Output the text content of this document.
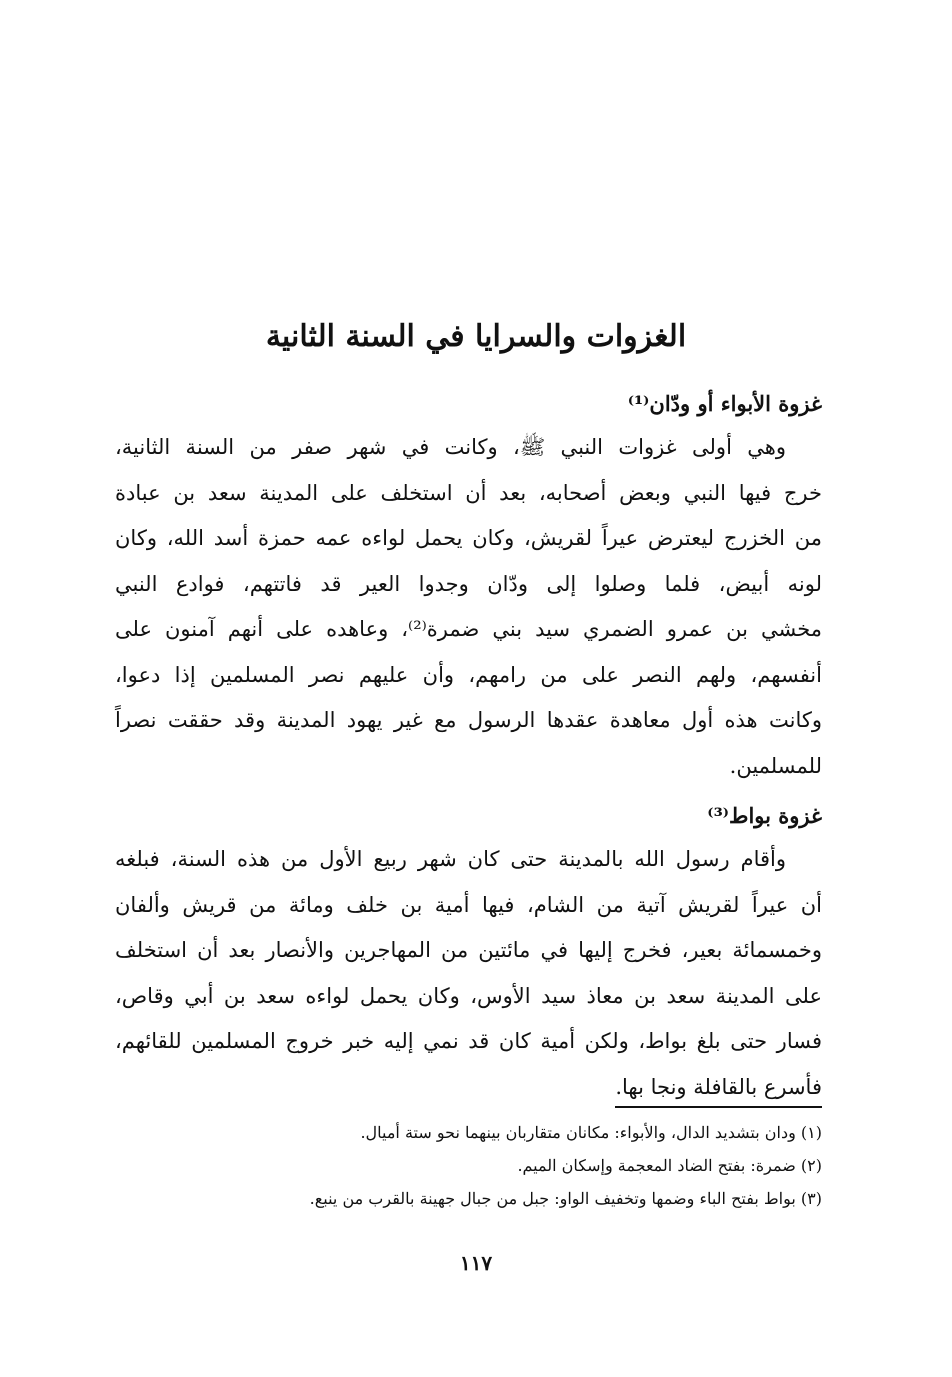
الغزوات والسرايا في السنة الثانية

غزوة الأبواء أو ودّان⁽¹⁾

وهي أولى غزوات النبي ﷺ، وكانت في شهر صفر من السنة الثانية،
خرج فيها النبي وبعض أصحابه، بعد أن استخلف على المدينة سعد بن عبادة
من الخزرج ليعترض عيراً لقريش، وكان يحمل لواءه عمه حمزة أسد الله، وكان
لونه أبيض، فلما وصلوا إلى ودّان وجدوا العير قد فاتتهم، فوادع النبي
مخشي بن عمرو الضمري سيد بني ضمرة⁽²⁾، وعاهده على أنهم آمنون على
أنفسهم، ولهم النصر على من رامهم، وأن عليهم نصر المسلمين إذا دعوا،
وكانت هذه أول معاهدة عقدها الرسول مع غير يهود المدينة وقد حققت نصراً
للمسلمين.

غزوة بواط⁽³⁾

وأقام رسول الله بالمدينة حتى كان شهر ربيع الأول من هذه السنة، فبلغه
أن عيراً لقريش آتية من الشام، فيها أمية بن خلف ومائة من قريش وألفان
وخمسمائة بعير، فخرج إليها في مائتين من المهاجرين والأنصار بعد أن استخلف
على المدينة سعد بن معاذ سيد الأوس، وكان يحمل لواءه سعد بن أبي وقاص،
فسار حتى بلغ بواط، ولكن أمية كان قد نمي إليه خبر خروج المسلمين للقائهم،
فأسرع بالقافلة ونجا بها.

(١) ودان بتشديد الدال، والأبواء: مكانان متقاربان بينهما نحو ستة أميال.
(٢) ضمرة: بفتح الضاد المعجمة وإسكان الميم.
(٣) بواط بفتح الباء وضمها وتخفيف الواو: جبل من جبال جهينة بالقرب من ينبع.
١١٧
